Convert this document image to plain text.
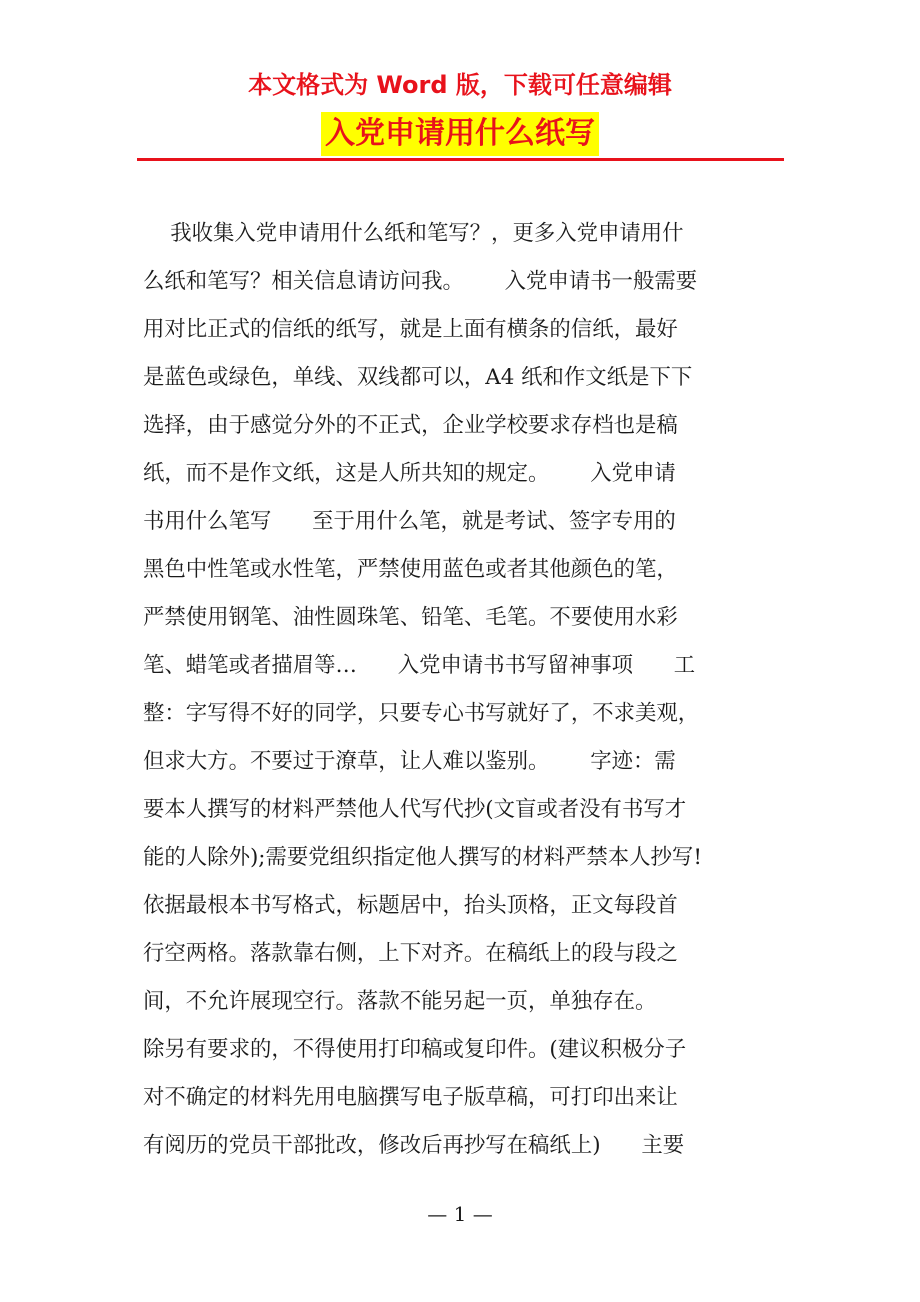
本文格式为 Word 版，下载可任意编辑
入党申请用什么纸写
我收集入党申请用什么纸和笔写？，更多入党申请用什
么纸和笔写？相关信息请访问我。      入党申请书一般需要
用对比正式的信纸的纸写，就是上面有横条的信纸，最好
是蓝色或绿色，单线、双线都可以，A4 纸和作文纸是下下
选择，由于感觉分外的不正式，企业学校要求存档也是稿
纸，而不是作文纸，这是人所共知的规定。      入党申请
书用什么笔写      至于用什么笔，就是考试、签字专用的
黑色中性笔或水性笔，严禁使用蓝色或者其他颜色的笔，
严禁使用钢笔、油性圆珠笔、铅笔、毛笔。不要使用水彩
笔、蜡笔或者描眉等…      入党申请书书写留神事项      工
整：字写得不好的同学，只要专心书写就好了，不求美观，
但求大方。不要过于潦草，让人难以鉴别。      字迹：需
要本人撰写的材料严禁他人代写代抄(文盲或者没有书写才
能的人除外);需要党组织指定他人撰写的材料严禁本人抄写!
依据最根本书写格式，标题居中，抬头顶格，正文每段首
行空两格。落款靠右侧，上下对齐。在稿纸上的段与段之
间，不允许展现空行。落款不能另起一页，单独存在。
除另有要求的，不得使用打印稿或复印件。(建议积极分子
对不确定的材料先用电脑撰写电子版草稿，可打印出来让
有阅历的党员干部批改，修改后再抄写在稿纸上)      主要
— 1 —
